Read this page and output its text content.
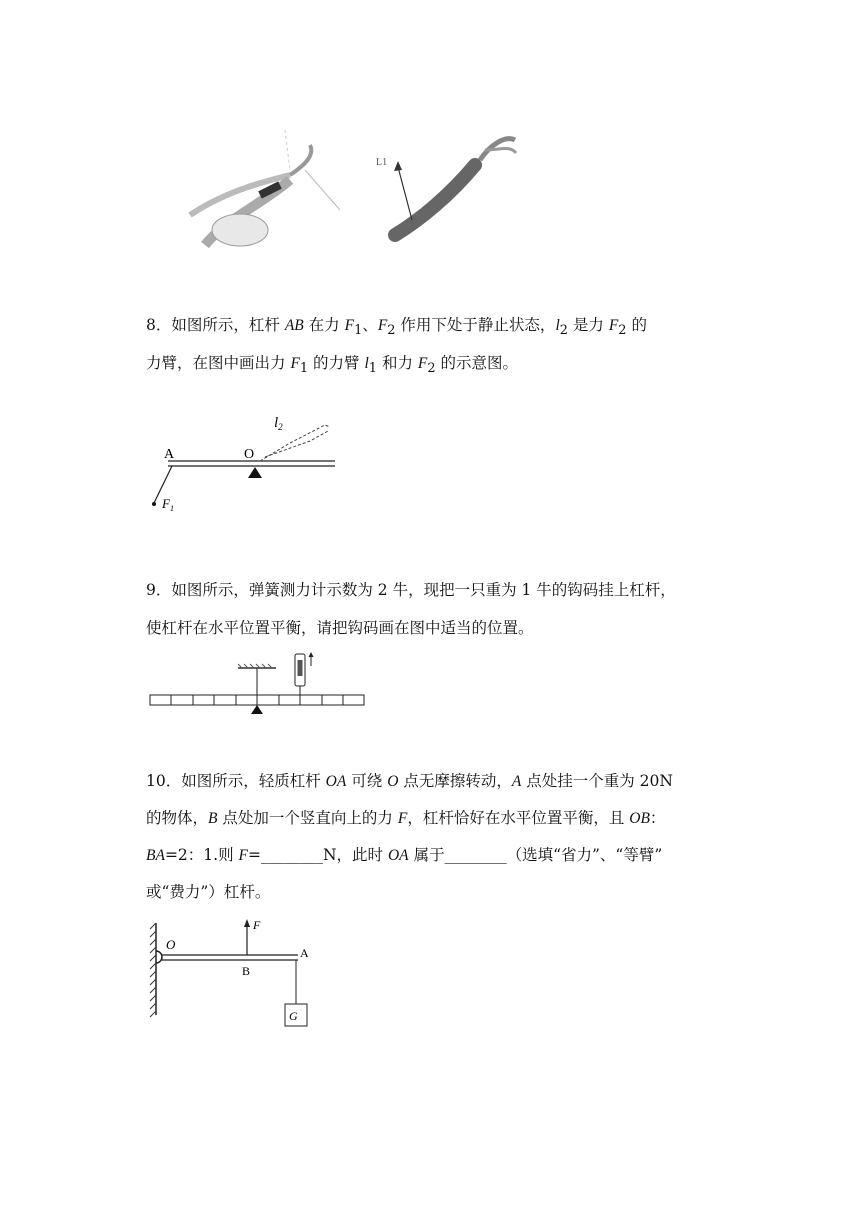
L1
8．如图所示，杠杆 AB 在力 $F_1$、$F_2$ 作用下处于静止状态，$l_2$ 是力 $F_2$ 的
力臂，在图中画出力 $F_1$ 的力臂 $l_1$ 和力 $F_2$ 的示意图。
A	O
$l_2$
$F_1$
9．如图所示，弹簧测力计示数为 2 牛，现把一只重为 1 牛的钩码挂上杠杆，
使杠杆在水平位置平衡，请把钩码画在图中适当的位置。
10．如图所示，轻质杠杆 OA 可绕 O 点无摩擦转动，A 点处挂一个重为 20N
的物体，B 点处加一个竖直向上的力 F，杠杆恰好在水平位置平衡，且 OB：
BA=2：1.则 F=________N，此时 OA 属于________（选填“省力”、“等臂”
或“费力”）杠杆。
O
F
A
B
G
